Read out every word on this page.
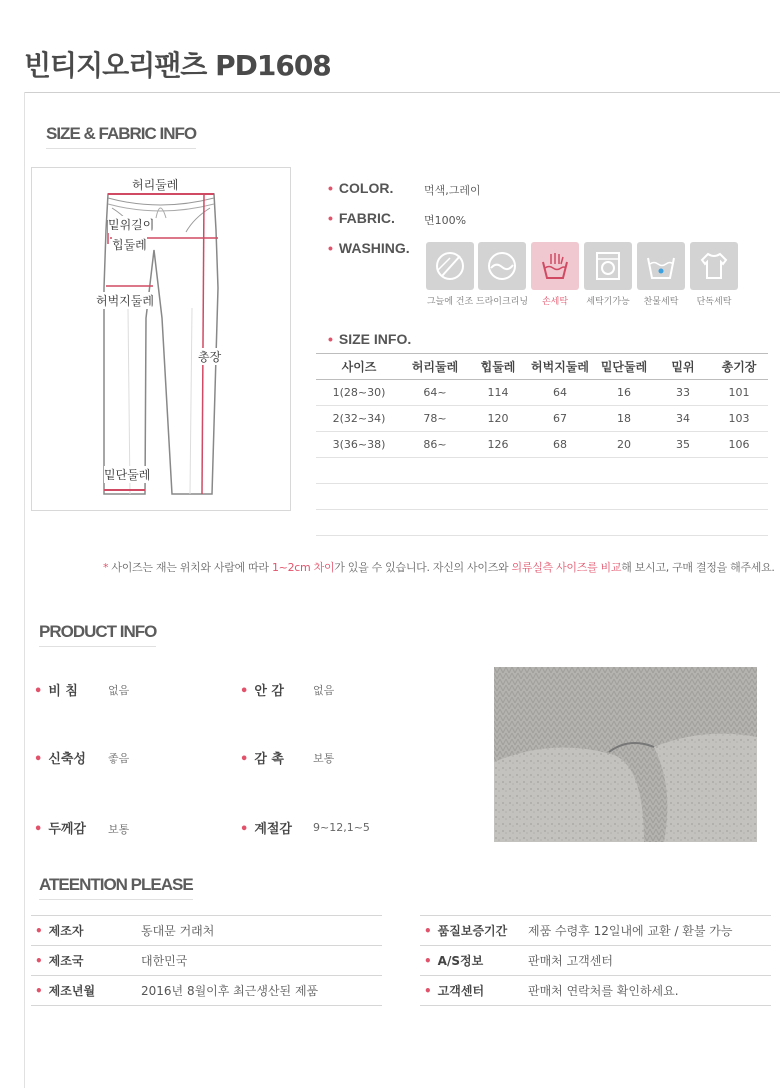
빈티지오리팬츠 PD1608
SIZE & FABRIC INFO
허리둘레
밑위길이
힙둘레
허벅지둘레
총장
밑단둘레
• COLOR.	먹색,그레이
• FABRIC.	면100%
• WASHING.
그늘에 건조 드라이크리닝	손세탁	세탁기가능	찬물세탁	단독세탁
• SIZE INFO.
사이즈	허리둘레	힙둘레	허벅지둘레	밑단둘레	밑위	총기장
1(28~30)	64~	114	64	16	33	101
2(32~34)	78~	120	67	18	34	103
3(36~38)	86~	126	68	20	35	106

* 사이즈는 재는 위치와 사람에 따라 1~2cm 차이가 있을 수 있습니다. 자신의 사이즈와 의류실측 사이즈를 비교해 보시고, 구매 결정을 해주세요.
PRODUCT INFO
• 비 침	없음	• 안 감	없음
• 신축성 좋음	• 감 촉	보통
• 두께감 보통	• 계절감 9~12,1~5
ATEENTION PLEASE
• 제조자	동대문 거래처
• 제조국	대한민국
• 제조년월	2016년 8월이후 최근생산된 제품
• 품질보증기간	제품 수령후 12일내에 교환 / 환불 가능
• A/S정보	판매처 고객센터
• 고객센터	판매처 연락처를 확인하세요.
